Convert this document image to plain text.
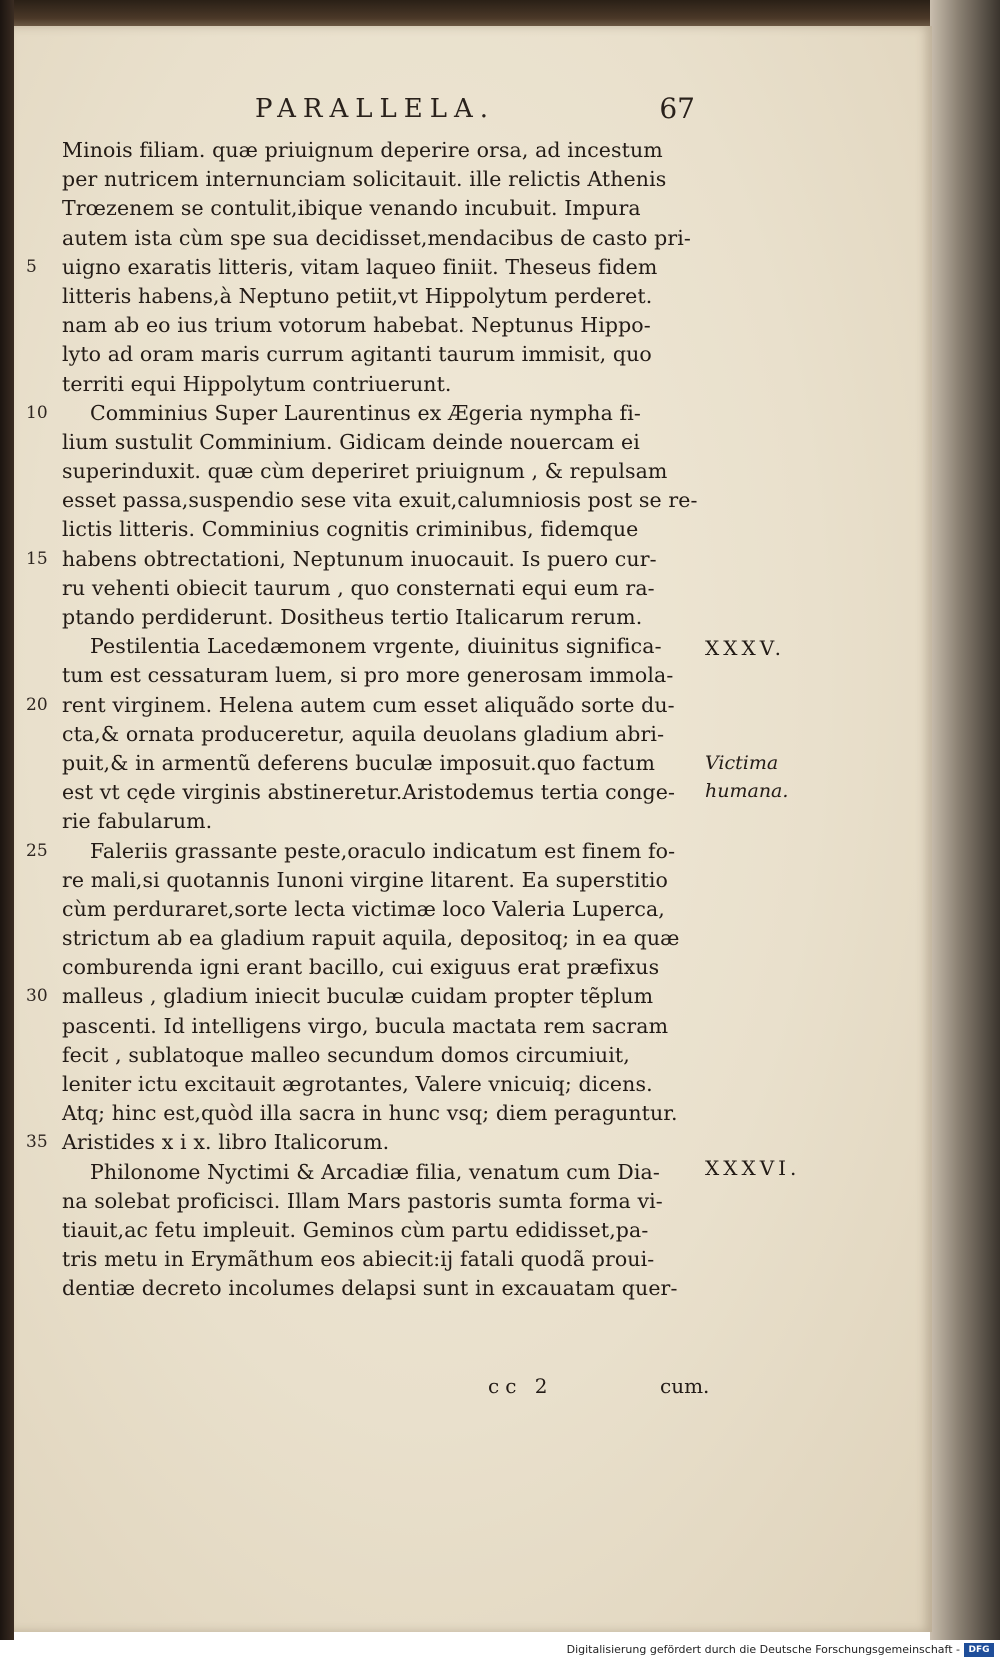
PARALLELA.	67
Minois filiam. quæ priuignum deperire orsa, ad incestum
per nutricem internunciam solicitauit. ille relictis Athenis
Trœzenem se contulit,ibique venando incubuit. Impura
autem ista cùm spe sua decidisset,mendacibus de casto pri-
5	uigno exaratis litteris, vitam laqueo finiit. Theseus fidem
litteris habens,à Neptuno petiit,vt Hippolytum perderet.
nam ab eo ius trium votorum habebat. Neptunus Hippo-
lyto ad oram maris currum agitanti taurum immisit, quo
territi equi Hippolytum contriuerunt.
10	Comminius Super Laurentinus ex Ægeria nympha fi-
lium sustulit Comminium. Gidicam deinde nouercam ei
superinduxit. quæ cùm deperiret priuignum , & repulsam
esset passa,suspendio sese vita exuit,calumniosis post se re-
lictis litteris. Comminius cognitis criminibus, fidemque
15 habens obtrectationi, Neptunum inuocauit. Is puero cur-
ru vehenti obiecit taurum , quo consternati equi eum ra-
ptando perdiderunt. Dositheus tertio Italicarum rerum.
Pestilentia Lacedæmonem vrgente, diuinitus significa-
tum est cessaturam luem, si pro more generosam immola-
20 rent virginem. Helena autem cum esset aliquãdo sorte du-
cta,& ornata produceretur, aquila deuolans gladium abri-
puit,& in armentũ deferens buculæ imposuit.quo factum
est vt cęde virginis abstineretur.Aristodemus tertia conge-
rie fabularum.
25	Faleriis grassante peste,oraculo indicatum est finem fo-
re mali,si quotannis Iunoni virgine litarent. Ea superstitio
cùm perduraret,sorte lecta victimæ loco Valeria Luperca,
strictum ab ea gladium rapuit aquila, depositoq; in ea quæ
comburenda igni erant bacillo, cui exiguus erat præfixus
30 malleus , gladium iniecit buculæ cuidam propter tẽplum
pascenti. Id intelligens virgo, bucula mactata rem sacram
fecit , sublatoque malleo secundum domos circumiuit,
leniter ictu excitauit ægrotantes, Valere vnicuiq; dicens.
Atq; hinc est,quòd illa sacra in hunc vsq; diem peraguntur.
35 Aristides x i x. libro Italicorum.
Philonome Nyctimi & Arcadiæ filia, venatum cum Dia-
na solebat proficisci. Illam Mars pastoris sumta forma vi-
tiauit,ac fetu impleuit. Geminos cùm partu edidisset,pa-
tris metu in Erymãthum eos abiecit:ij fatali quodã proui-
dentiæ decreto incolumes delapsi sunt in excauatam quer-
XXXV.
Victima
humana.
XXXVI.
cc 2	cum.
Digitalisierung gefördert durch die Deutsche Forschungsgemeinschaft - DFG
